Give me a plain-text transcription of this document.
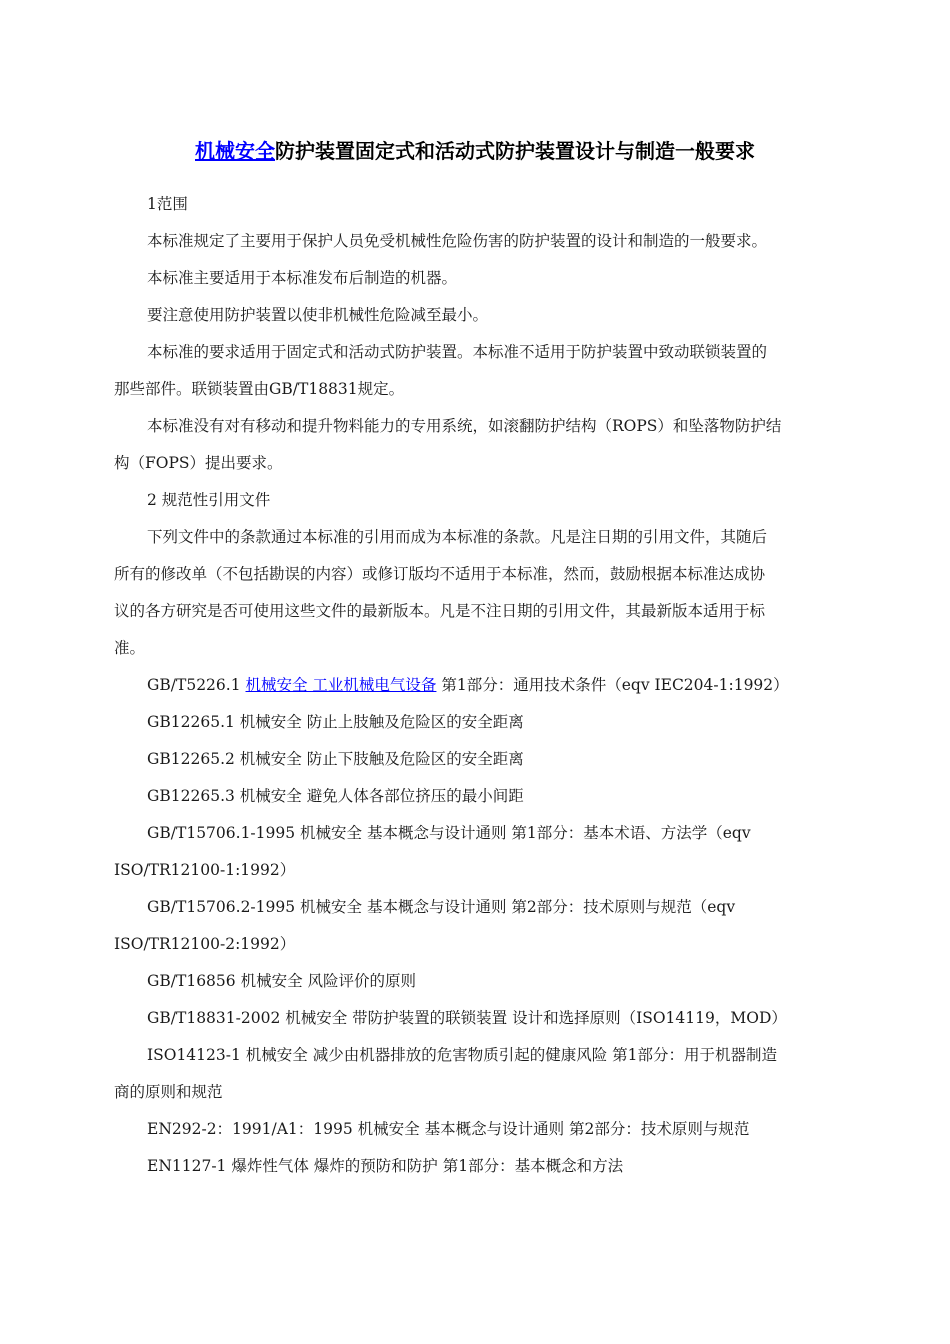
机械安全防护装置固定式和活动式防护装置设计与制造一般要求

1范围

本标准规定了主要用于保护人员免受机械性危险伤害的防护装置的设计和制造的一般要求。

本标准主要适用于本标准发布后制造的机器。

要注意使用防护装置以使非机械性危险减至最小。

本标准的要求适用于固定式和活动式防护装置。本标准不适用于防护装置中致动联锁装置的

那些部件。联锁装置由GB/T18831规定。

本标准没有对有移动和提升物料能力的专用系统，如滚翻防护结构（ROPS）和坠落物防护结

构（FOPS）提出要求。

2 规范性引用文件

下列文件中的条款通过本标准的引用而成为本标准的条款。凡是注日期的引用文件，其随后

所有的修改单（不包括勘误的内容）或修订版均不适用于本标准，然而，鼓励根据本标准达成协

议的各方研究是否可使用这些文件的最新版本。凡是不注日期的引用文件，其最新版本适用于标

准。

GB/T5226.1 机械安全 工业机械电气设备 第1部分：通用技术条件（eqv IEC204-1:1992）

GB12265.1 机械安全 防止上肢触及危险区的安全距离

GB12265.2 机械安全 防止下肢触及危险区的安全距离

GB12265.3 机械安全 避免人体各部位挤压的最小间距

GB/T15706.1-1995 机械安全 基本概念与设计通则 第1部分：基本术语、方法学（eqv

ISO/TR12100-1:1992）

GB/T15706.2-1995 机械安全 基本概念与设计通则 第2部分：技术原则与规范（eqv

ISO/TR12100-2:1992）

GB/T16856 机械安全 风险评价的原则

GB/T18831-2002 机械安全 带防护装置的联锁装置 设计和选择原则（ISO14119，MOD）

ISO14123-1 机械安全 减少由机器排放的危害物质引起的健康风险 第1部分：用于机器制造

商的原则和规范

EN292-2：1991/A1：1995 机械安全 基本概念与设计通则 第2部分：技术原则与规范

EN1127-1 爆炸性气体 爆炸的预防和防护 第1部分：基本概念和方法
